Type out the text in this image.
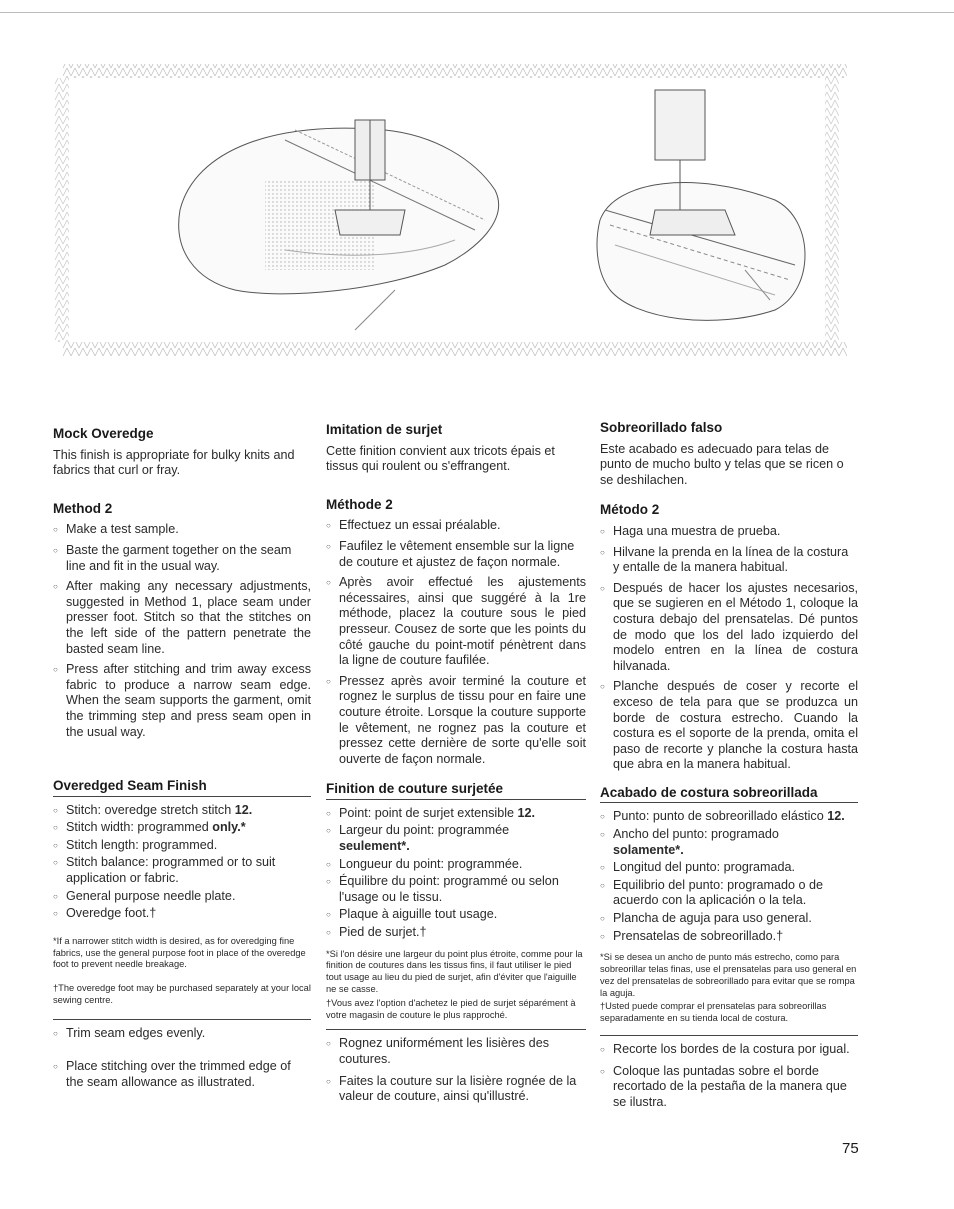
Mock Overedge

This finish is appropriate for bulky knits and fabrics that curl or fray.

Method 2

○ Make a test sample.
○ Baste the garment together on the seam line and fit in the usual way.
○ After making any necessary adjustments, suggested in Method 1, place seam under presser foot. Stitch so that the stitches on the left side of the pattern penetrate the basted seam line.
○ Press after stitching and trim away excess fabric to produce a narrow seam edge. When the seam supports the garment, omit the trimming step and press seam open in the usual way.

Overedged Seam Finish

○ Stitch: overedge stretch stitch 12.
○ Stitch width: programmed only.*
○ Stitch length: programmed.
○ Stitch balance: programmed or to suit application or fabric.
○ General purpose needle plate.
○ Overedge foot.†

*If a narrower stitch width is desired, as for overedging fine fabrics, use the general purpose foot in place of the overedge foot to prevent needle breakage.

†The overedge foot may be purchased separately at your local sewing centre.

○ Trim seam edges evenly.
○ Place stitching over the trimmed edge of the seam allowance as illustrated.

Imitation de surjet

Cette finition convient aux tricots épais et tissus qui roulent ou s'effrangent.

Méthode 2

○ Effectuez un essai préalable.
○ Faufilez le vêtement ensemble sur la ligne de couture et ajustez de façon normale.
○ Après avoir effectué les ajustements nécessaires, ainsi que suggéré à la 1re méthode, placez la couture sous le pied presseur. Cousez de sorte que les points du côté gauche du point-motif pénètrent dans la ligne de couture faufilée.
○ Pressez après avoir terminé la couture et rognez le surplus de tissu pour en faire une couture étroite. Lorsque la couture supporte le vêtement, ne rognez pas la couture et pressez cette dernière de sorte qu'elle soit ouverte de façon normale.

Finition de couture surjetée

○ Point: point de surjet extensible 12.
○ Largeur du point: programmée
seulement*.
○ Longueur du point: programmée.
○ Équilibre du point: programmé ou selon l'usage ou le tissu.
○ Plaque à aiguille tout usage.
○ Pied de surjet.†

*Si l'on désire une largeur du point plus étroite, comme pour la finition de coutures dans les tissus fins, il faut utiliser le pied tout usage au lieu du pied de surjet, afin d'éviter que l'aiguille ne se casse.

†Vous avez l'option d'achetez le pied de surjet séparément à votre magasin de couture le plus rapproché.

○ Rognez uniformément les lisières des coutures.
○ Faites la couture sur la lisière rognée de la valeur de couture, ainsi qu'illustré.

Sobreorillado falso

Este acabado es adecuado para telas de punto de mucho bulto y telas que se ricen o se deshilachen.

Método 2

○ Haga una muestra de prueba.
○ Hilvane la prenda en la línea de la costura y entalle de la manera habitual.
○ Después de hacer los ajustes necesarios, que se sugieren en el Método 1, coloque la costura debajo del prensatelas. Dé puntos de modo que los del lado izquierdo del modelo entren en la línea de costura hilvanada.
○ Planche después de coser y recorte el exceso de tela para que se produzca un borde de costura estrecho. Cuando la costura es el soporte de la prenda, omita el paso de recorte y planche la costura hasta que abra en la manera habitual.

Acabado de costura sobreorillada

○ Punto: punto de sobreorillado elástico 12.
○ Ancho del punto: programado
solamente*.
○ Longitud del punto: programada.
○ Equilibrio del punto: programado o de acuerdo con la aplicación o la tela.
○ Plancha de aguja para uso general.
○ Prensatelas de sobreorillado.†

*Si se desea un ancho de punto más estrecho, como para sobreorillar telas finas, use el prensatelas para uso general en vez del prensatelas de sobreorillado para evitar que se rompa la aguja.

†Usted puede comprar el prensatelas para sobreorillas separadamente en su tienda local de costura.

○ Recorte los bordes de la costura por igual.
○ Coloque las puntadas sobre el borde recortado de la pestaña de la manera que se ilustra.
75
